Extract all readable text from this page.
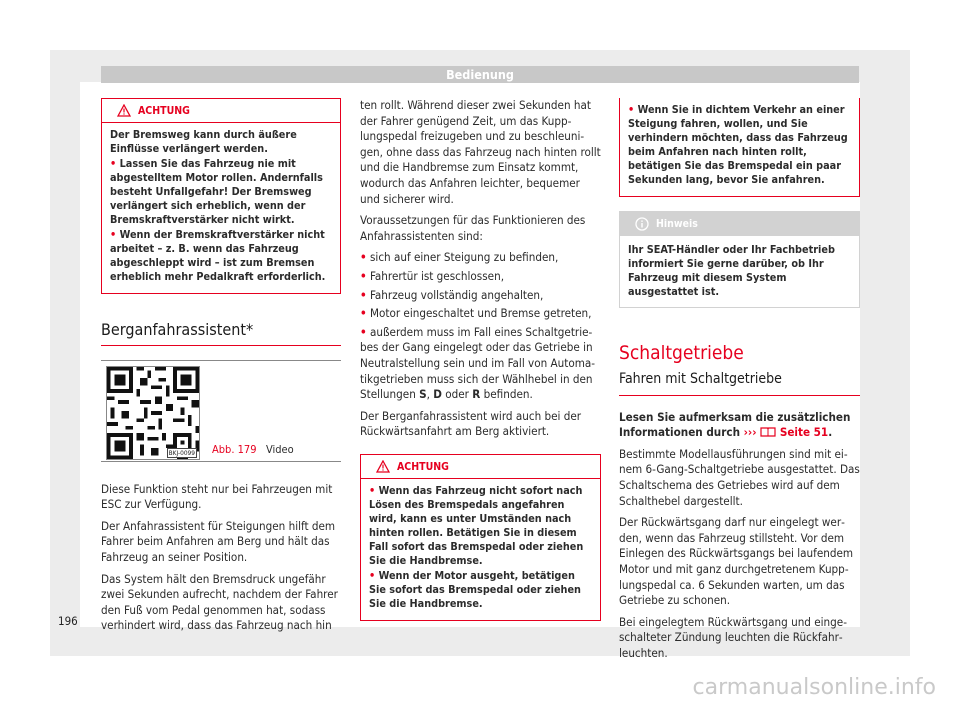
Bedienung
ACHTUNG

Der Bremsweg kann durch äußere Einflüsse verlängert werden.

• Lassen Sie das Fahrzeug nie mit abgestelltem Motor rollen. Andernfalls besteht Unfallgefahr! Der Bremsweg verlängert sich erheblich, wenn der Bremskraftverstärker nicht wirkt.

• Wenn der Bremskraftverstärker nicht arbeitet – z. B. wenn das Fahrzeug abgeschleppt wird – ist zum Bremsen erheblich mehr Pedalkraft erforderlich.

Berganfahrassistent*
BKJ-0099 Abb. 179 Video

Diese Funktion steht nur bei Fahrzeugen mit ESC zur Verfügung.

Der Anfahrassistent für Steigungen hilft dem Fahrer beim Anfahren am Berg und hält das Fahrzeug an seiner Position.

Das System hält den Bremsdruck ungefähr zwei Sekunden aufrecht, nachdem der Fahrer den Fuß vom Pedal genommen hat, sodass verhindert wird, dass das Fahrzeug nach hin

ten rollt. Während dieser zwei Sekunden hat der Fahrer genügend Zeit, um das Kupplungspedal freizugeben und zu beschleunigen, ohne dass das Fahrzeug nach hinten rollt und die Handbremse zum Einsatz kommt, wodurch das Anfahren leichter, bequemer und sicherer wird.

Voraussetzungen für das Funktionieren des Anfahrassistenten sind:

• sich auf einer Steigung zu befinden,

• Fahrertür ist geschlossen,

• Fahrzeug vollständig angehalten,

• Motor eingeschaltet und Bremse getreten,

• außerdem muss im Fall eines Schaltgetriebes der Gang eingelegt oder das Getriebe in Neutralstellung sein und im Fall von Automatikgetrieben muss sich der Wählhebel in den Stellungen S, D oder R befinden.

Der Berganfahrassistent wird auch bei der Rückwärtsanfahrt am Berg aktiviert.

ACHTUNG

• Wenn das Fahrzeug nicht sofort nach Lösen des Bremspedals angefahren wird, kann es unter Umständen nach hinten rollen. Betätigen Sie in diesem Fall sofort das Bremspedal oder ziehen Sie die Handbremse.

• Wenn der Motor ausgeht, betätigen Sie sofort das Bremspedal oder ziehen Sie die Handbremse.

• Wenn Sie in dichtem Verkehr an einer Steigung fahren, wollen, und Sie verhindern möchten, dass das Fahrzeug beim Anfahren nach hinten rollt, betätigen Sie das Bremspedal ein paar Sekunden lang, bevor Sie anfahren.

Hinweis
Ihr SEAT-Händler oder Ihr Fachbetrieb informiert Sie gerne darüber, ob Ihr Fahrzeug mit diesem System ausgestattet ist.
Schaltgetriebe
Fahren mit Schaltgetriebe

Lesen Sie aufmerksam die zusätzlichen Informationen durch ››› Seite 51.

Bestimmte Modellausführungen sind mit einem 6-Gang-Schaltgetriebe ausgestattet. Das Schaltschema des Getriebes wird auf dem Schalthebel dargestellt.

Der Rückwärtsgang darf nur eingelegt werden, wenn das Fahrzeug stillsteht. Vor dem Einlegen des Rückwärtsgangs bei laufendem Motor und mit ganz durchgetretenem Kupplungspedal ca. 6 Sekunden warten, um das Getriebe zu schonen.

Bei eingelegtem Rückwärtsgang und eingeschalteter Zündung leuchten die Rückfahrleuchten.

196
carmanualsonline.info
